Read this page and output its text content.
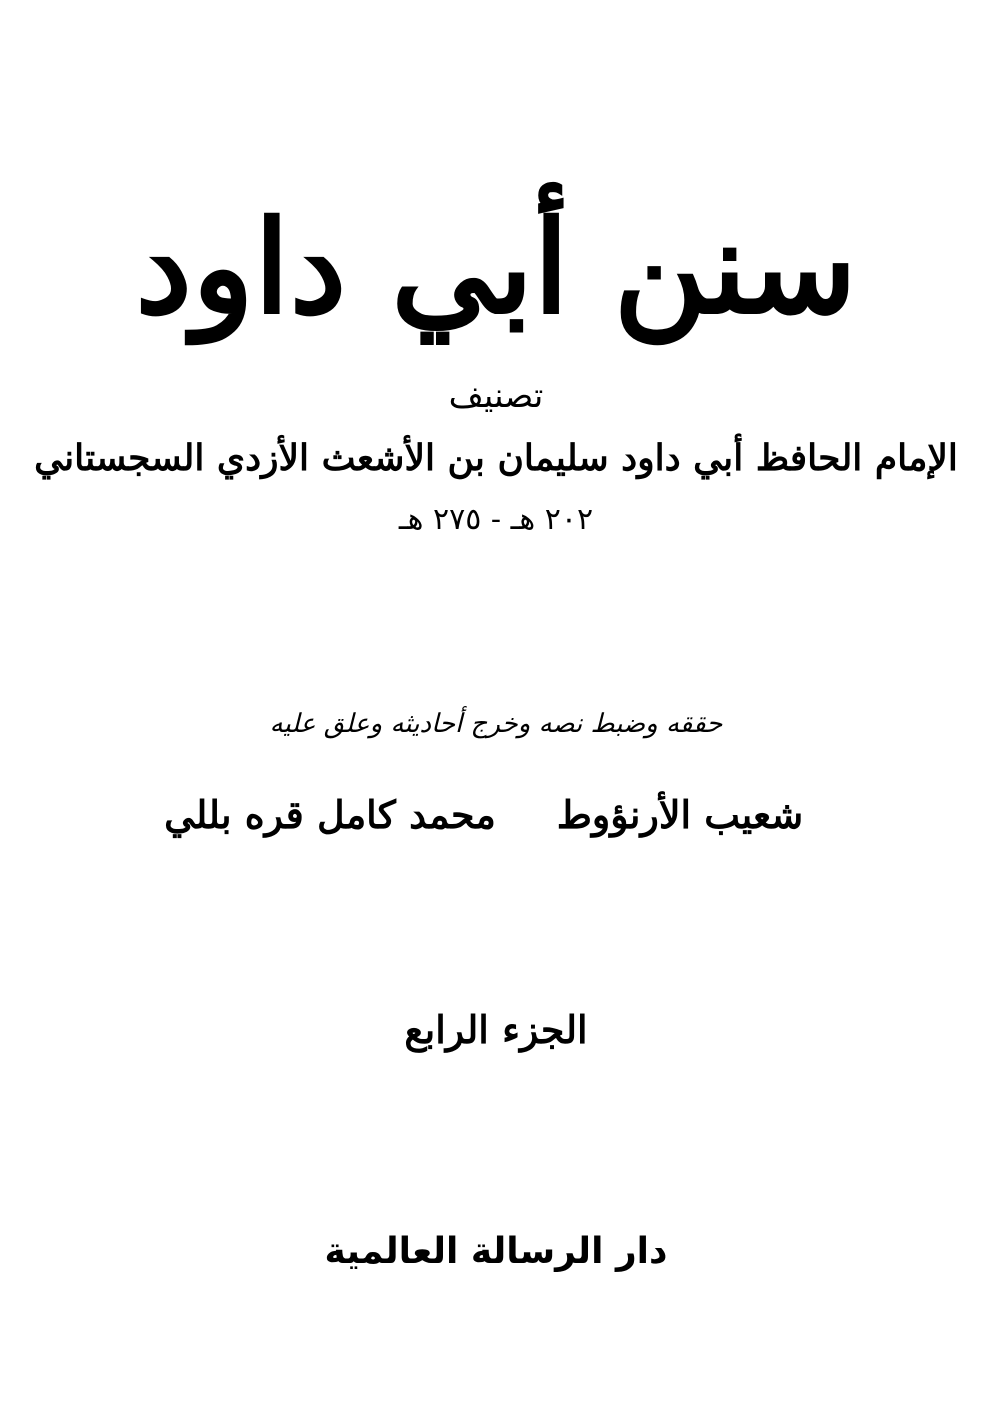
سنن أبي داود
تصنيف
الإمام الحافظ أبي داود سليمان بن الأشعث الأزدي السجستاني
٢٠٢ هـ - ٢٧٥ هـ
حققه وضبط نصه وخرج أحاديثه وعلق عليه
شعيب الأرنؤوط
محمد كامل قره بللي
الجزء الرابع
دار الرسالة العالمية
